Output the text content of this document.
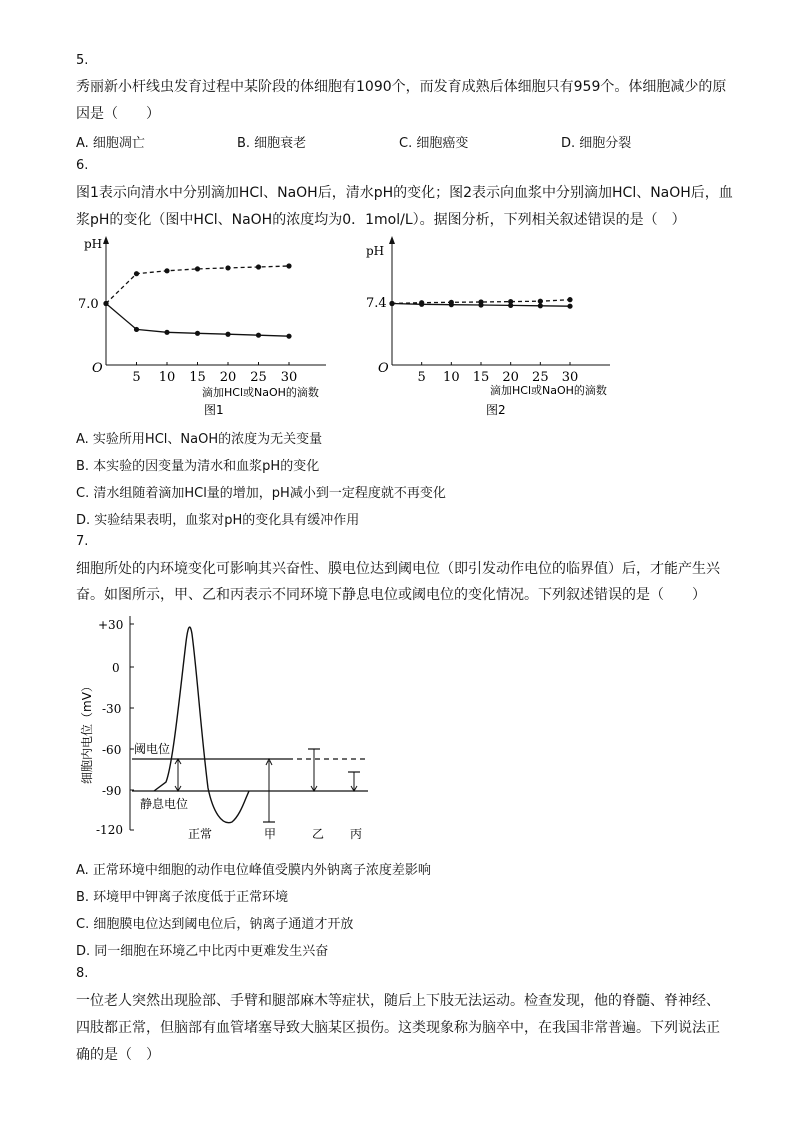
5.
秀丽新小杆线虫发育过程中某阶段的体细胞有1090个，而发育成熟后体细胞只有959个。体细胞减少的原
因是（　　）
A. 细胞凋亡	B. 细胞衰老	C. 细胞癌变	D. 细胞分裂
6.
图1表示向清水中分别滴加HCl、NaOH后，清水pH的变化；图2表示向血浆中分别滴加HCl、NaOH后，血
浆pH的变化（图中HCl、NaOH的浓度均为0．1mol/L）。据图分析，下列相关叙述错误的是（　）
pH
7.0
O
5 10 15 20 25 30
滴加HCl或NaOH的滴数
图1
pH
7.4
O
5 10 15 20 25 30
滴加HCl或NaOH的滴数
图2
A. 实验所用HCl、NaOH的浓度为无关变量
B. 本实验的因变量为清水和血浆pH的变化
C. 清水组随着滴加HCl量的增加，pH减小到一定程度就不再变化
D. 实验结果表明，血浆对pH的变化具有缓冲作用
7.
细胞所处的内环境变化可影响其兴奋性、膜电位达到阈电位（即引发动作电位的临界值）后，才能产生兴
奋。如图所示，甲、乙和丙表示不同环境下静息电位或阈电位的变化情况。下列叙述错误的是（　　）
+30
0
-30
-60
-90
-120
细胞内电位（mV）	阈电位
静息电位
正常	甲	乙 丙
A. 正常环境中细胞的动作电位峰值受膜内外钠离子浓度差影响
B. 环境甲中钾离子浓度低于正常环境
C. 细胞膜电位达到阈电位后，钠离子通道才开放
D. 同一细胞在环境乙中比丙中更难发生兴奋
8.
一位老人突然出现脸部、手臂和腿部麻木等症状，随后上下肢无法运动。检查发现，他的脊髓、脊神经、
四肢都正常，但脑部有血管堵塞导致大脑某区损伤。这类现象称为脑卒中，在我国非常普遍。下列说法正
确的是（　）
